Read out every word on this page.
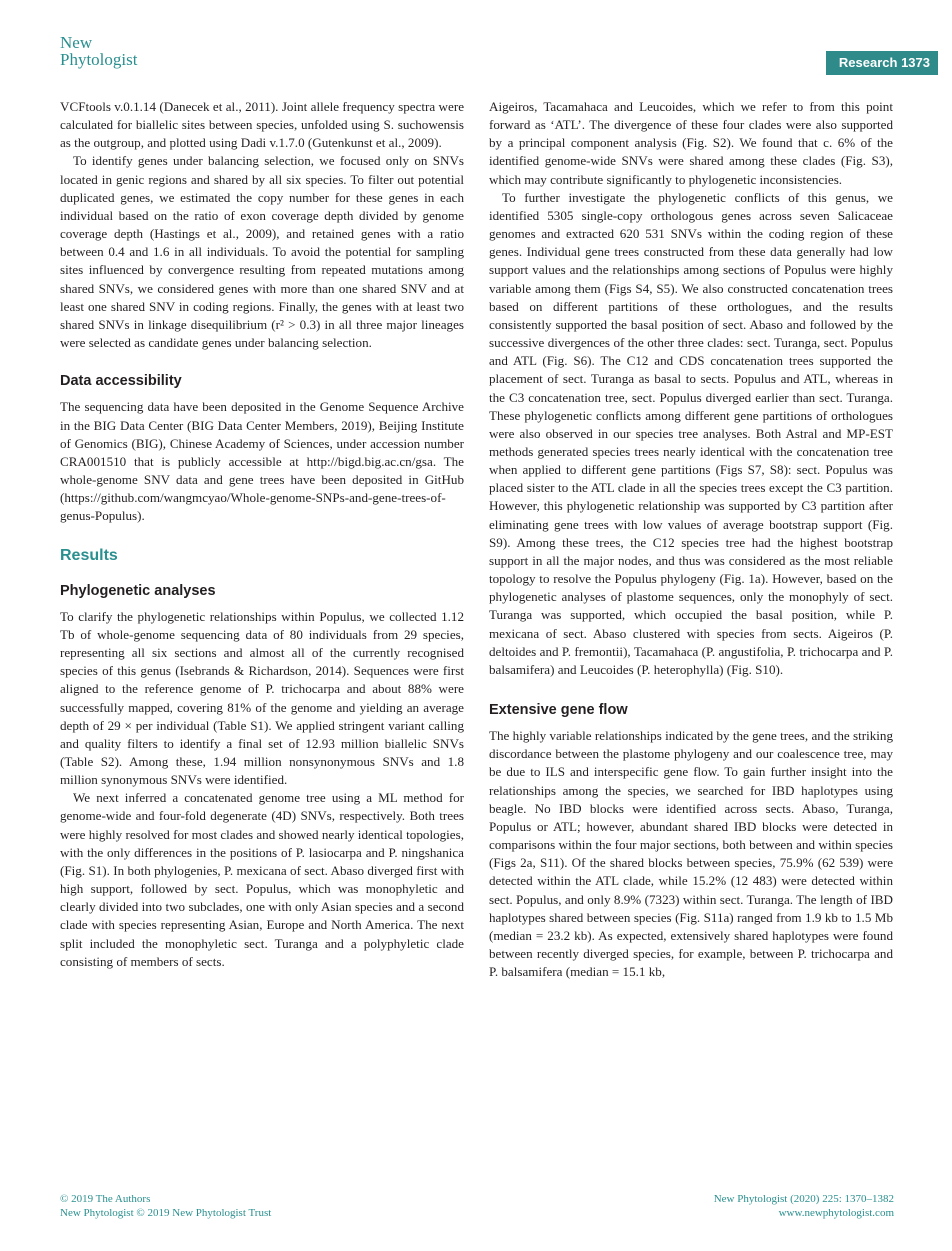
New
Phytologist	Research 1373

VCFtools v.0.1.14 (Danecek et al., 2011). Joint allele frequency spectra were calculated for biallelic sites between species, unfolded using S. suchowensis as the outgroup, and plotted using Dadi v.1.7.0 (Gutenkunst et al., 2009).

To identify genes under balancing selection, we focused only on SNVs located in genic regions and shared by all six species. To filter out potential duplicated genes, we estimated the copy number for these genes in each individual based on the ratio of exon coverage depth divided by genome coverage depth (Hastings et al., 2009), and retained genes with a ratio between 0.4 and 1.6 in all individuals. To avoid the potential for sampling sites influenced by convergence resulting from repeated mutations among shared SNVs, we considered genes with more than one shared SNV and at least one shared SNV in coding regions. Finally, the genes with at least two shared SNVs in linkage disequilibrium (r² > 0.3) in all three major lineages were selected as candidate genes under balancing selection.

Data accessibility

The sequencing data have been deposited in the Genome Sequence Archive in the BIG Data Center (BIG Data Center Members, 2019), Beijing Institute of Genomics (BIG), Chinese Academy of Sciences, under accession number CRA001510 that is publicly accessible at http://bigd.big.ac.cn/gsa. The whole-genome SNV data and gene trees have been deposited in GitHub (https://github.com/wangmcyao/Whole-genome-SNPs-and-gene-trees-of-genus-Populus).

Results
Phylogenetic analyses

To clarify the phylogenetic relationships within Populus, we collected 1.12 Tb of whole-genome sequencing data of 80 individuals from 29 species, representing all six sections and almost all of the currently recognised species of this genus (Isebrands & Richardson, 2014). Sequences were first aligned to the reference genome of P. trichocarpa and about 88% were successfully mapped, covering 81% of the genome and yielding an average depth of 29 × per individual (Table S1). We applied stringent variant calling and quality filters to identify a final set of 12.93 million biallelic SNVs (Table S2). Among these, 1.94 million nonsynonymous SNVs and 1.8 million synonymous SNVs were identified.

We next inferred a concatenated genome tree using a ML method for genome-wide and four-fold degenerate (4D) SNVs, respectively. Both trees were highly resolved for most clades and showed nearly identical topologies, with the only differences in the positions of P. lasiocarpa and P. ningshanica (Fig. S1). In both phylogenies, P. mexicana of sect. Abaso diverged first with high support, followed by sect. Populus, which was monophyletic and clearly divided into two subclades, one with only Asian species and a second clade with species representing Asian, Europe and North America. The next split included the monophyletic sect. Turanga and a polyphyletic clade consisting of members of sects.

Aigeiros, Tacamahaca and Leucoides, which we refer to from this point forward as ‘ATL’. The divergence of these four clades were also supported by a principal component analysis (Fig. S2). We found that c. 6% of the identified genome-wide SNVs were shared among these clades (Fig. S3), which may contribute significantly to phylogenetic inconsistencies.

To further investigate the phylogenetic conflicts of this genus, we identified 5305 single-copy orthologous genes across seven Salicaceae genomes and extracted 620 531 SNVs within the coding region of these genes. Individual gene trees constructed from these data generally had low support values and the relationships among sections of Populus were highly variable among them (Figs S4, S5). We also constructed concatenation trees based on different partitions of these orthologues, and the results consistently supported the basal position of sect. Abaso and followed by the successive divergences of the other three clades: sect. Turanga, sect. Populus and ATL (Fig. S6). The C12 and CDS concatenation trees supported the placement of sect. Turanga as basal to sects. Populus and ATL, whereas in the C3 concatenation tree, sect. Populus diverged earlier than sect. Turanga. These phylogenetic conflicts among different gene partitions of orthologues were also observed in our species tree analyses. Both Astral and MP-EST methods generated species trees nearly identical with the concatenation tree when applied to different gene partitions (Figs S7, S8): sect. Populus was placed sister to the ATL clade in all the species trees except the C3 partition. However, this phylogenetic relationship was supported by C3 partition after eliminating gene trees with low values of average bootstrap support (Fig. S9). Among these trees, the C12 species tree had the highest bootstrap support in all the major nodes, and thus was considered as the most reliable topology to resolve the Populus phylogeny (Fig. 1a). However, based on the phylogenetic analyses of plastome sequences, only the monophyly of sect. Turanga was supported, which occupied the basal position, while P. mexicana of sect. Abaso clustered with species from sects. Aigeiros (P. deltoides and P. fremontii), Tacamahaca (P. angustifolia, P. trichocarpa and P. balsamifera) and Leucoides (P. heterophylla) (Fig. S10).

Extensive gene flow

The highly variable relationships indicated by the gene trees, and the striking discordance between the plastome phylogeny and our coalescence tree, may be due to ILS and interspecific gene flow. To gain further insight into the relationships among the species, we searched for IBD haplotypes using beagle. No IBD blocks were identified across sects. Abaso, Turanga, Populus or ATL; however, abundant shared IBD blocks were detected in comparisons within the four major sections, both between and within species (Figs 2a, S11). Of the shared blocks between species, 75.9% (62 539) were detected within the ATL clade, while 15.2% (12 483) were detected within sect. Populus, and only 8.9% (7323) within sect. Turanga. The length of IBD haplotypes shared between species (Fig. S11a) ranged from 1.9 kb to 1.5 Mb (median = 23.2 kb). As expected, extensively shared haplotypes were found between recently diverged species, for example, between P. trichocarpa and P. balsamifera (median = 15.1 kb,

© 2019 The Authors
New Phytologist © 2019 New Phytologist Trust
New Phytologist (2020) 225: 1370–1382
www.newphytologist.com
